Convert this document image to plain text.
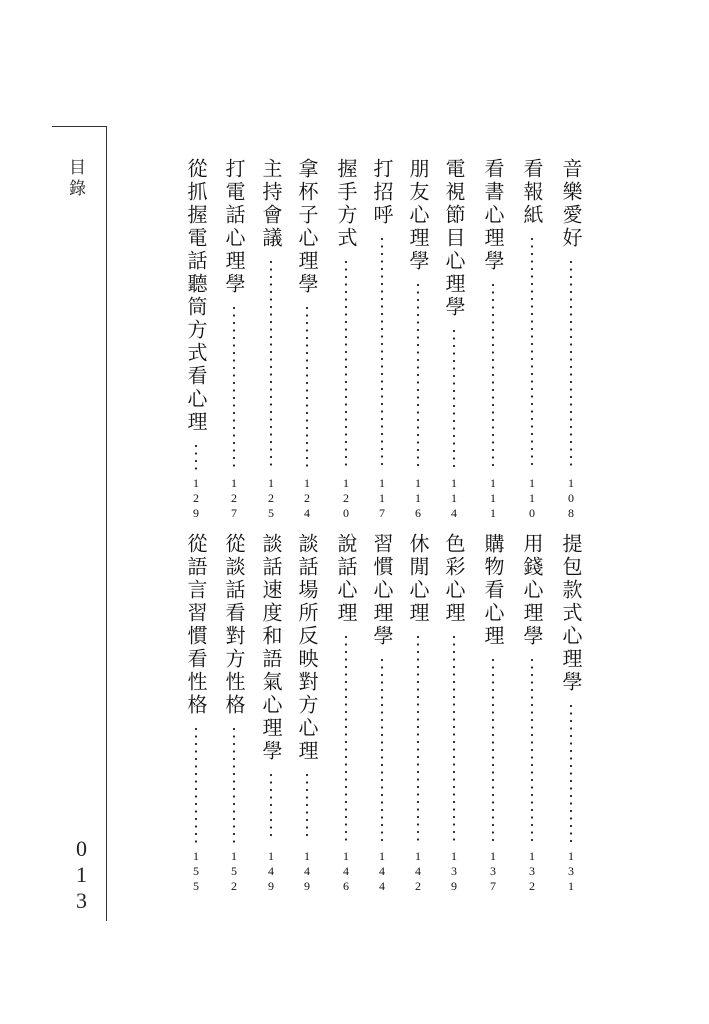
目錄
013
音樂愛好
108
看報紙
110
看書心理學
111
電視節目心理學
114
朋友心理學
116
打招呼
117
握手方式
120
拿杯子心理學
124
主持會議
125
打電話心理學
127
從抓握電話聽筒方式看心理
129
提包款式心理學
131
用錢心理學
132
購物看心理
137
色彩心理
139
休閒心理
142
習慣心理學
144
說話心理
146
談話場所反映對方心理
149
談話速度和語氣心理學
149
從談話看對方性格
152
從語言習慣看性格
155
